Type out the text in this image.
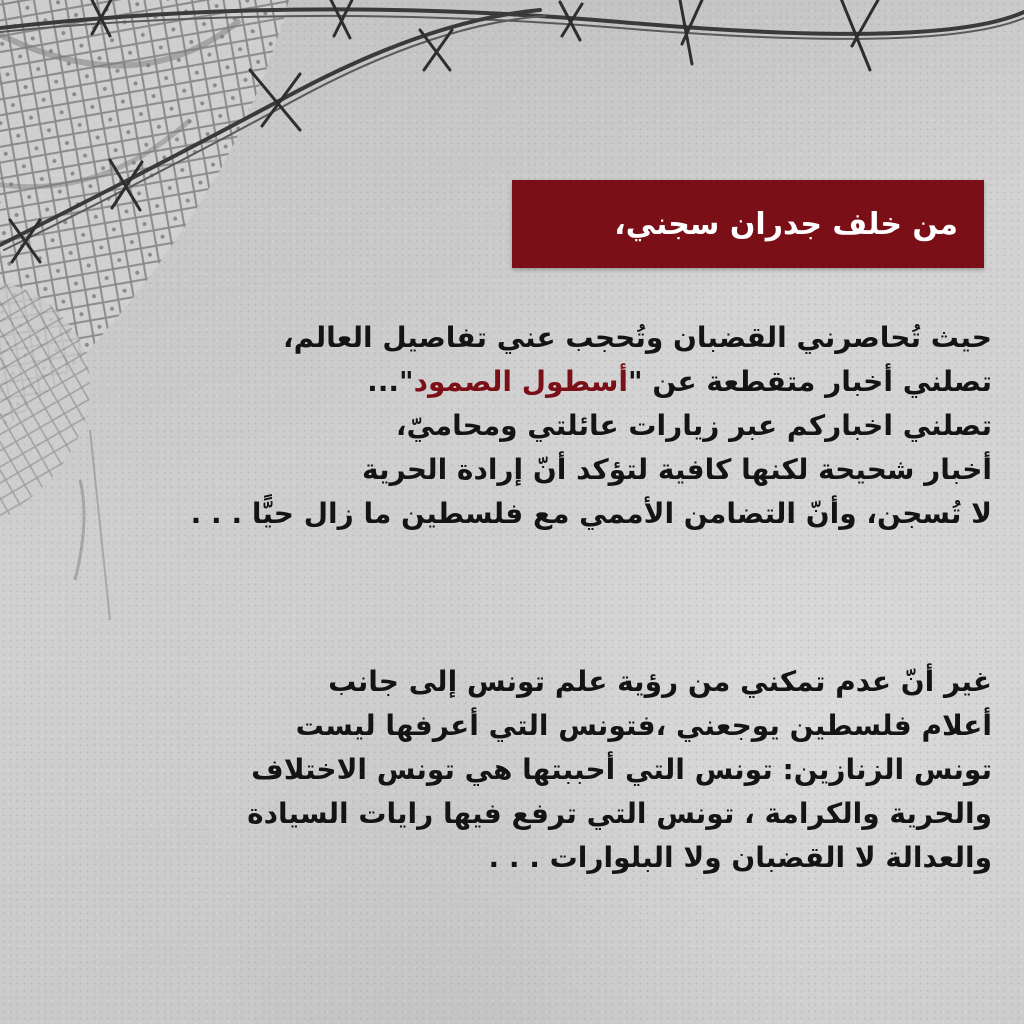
من خلف جدران سجني،
حيث تُحاصرني القضبان وتُحجب عني تفاصيل العالم،
تصلني أخبار متقطعة عن "أسطول الصمود"...
تصلني اخباركم عبر زيارات عائلتي ومحاميّ،
أخبار شحيحة لكنها كافية لتؤكد أنّ إرادة الحرية
لا تُسجن، وأنّ التضامن الأممي مع فلسطين ما زال حيًّا . . .
غير أنّ عدم تمكني من رؤية علم تونس إلى جانب
أعلام فلسطين يوجعني ،فتونس التي أعرفها ليست
تونس الزنازين: تونس التي أحببتها هي تونس الاختلاف
والحرية والكرامة ، تونس التي ترفع فيها رايات السيادة
والعدالة لا القضبان ولا البلوارات . . .
